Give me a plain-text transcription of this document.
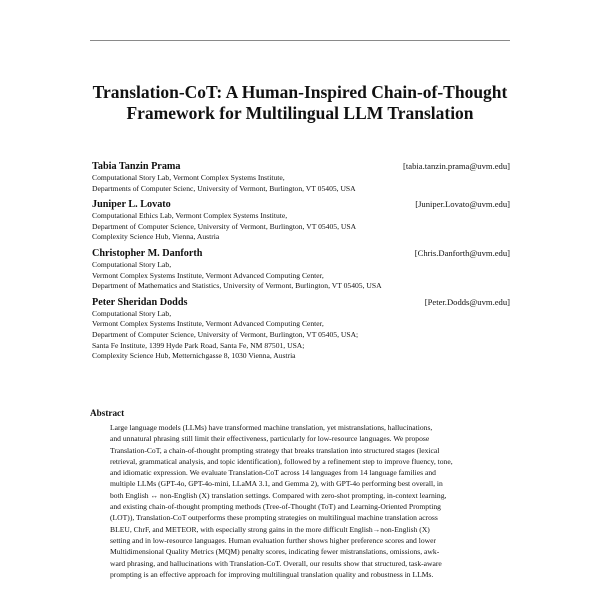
Translation-CoT: A Human-Inspired Chain-of-Thought
Framework for Multilingual LLM Translation
Tabia Tanzin Prama	[tabia.tanzin.prama@uvm.edu]
Computational Story Lab, Vermont Complex Systems Institute,
Departments of Computer Scienc, University of Vermont, Burlington, VT 05405, USA
Juniper L. Lovato	[Juniper.Lovato@uvm.edu]
Computational Ethics Lab, Vermont Complex Systems Institute,
Department of Computer Science, University of Vermont, Burlington, VT 05405, USA
Complexity Science Hub, Vienna, Austria
Christopher M. Danforth	[Chris.Danforth@uvm.edu]
Computational Story Lab,
Vermont Complex Systems Institute, Vermont Advanced Computing Center,
Department of Mathematics and Statistics, University of Vermont, Burlington, VT 05405, USA
Peter Sheridan Dodds	[Peter.Dodds@uvm.edu]
Computational Story Lab,
Vermont Complex Systems Institute, Vermont Advanced Computing Center,
Department of Computer Science, University of Vermont, Burlington, VT 05405, USA;
Santa Fe Institute, 1399 Hyde Park Road, Santa Fe, NM 87501, USA;
Complexity Science Hub, Metternichgasse 8, 1030 Vienna, Austria
Abstract
Large language models (LLMs) have transformed machine translation, yet mistranslations, hallucinations,
and unnatural phrasing still limit their effectiveness, particularly for low-resource languages. We propose
Translation-CoT, a chain-of-thought prompting strategy that breaks translation into structured stages (lexical
retrieval, grammatical analysis, and topic identification), followed by a refinement step to improve fluency, tone,
and idiomatic expression. We evaluate Translation-CoT across 14 languages from 14 language families and
multiple LLMs (GPT-4o, GPT-4o-mini, LLaMA 3.1, and Gemma 2), with GPT-4o performing best overall, in
both English ↔ non-English (X) translation settings. Compared with zero-shot prompting, in-context learning,
and existing chain-of-thought prompting methods (Tree-of-Thought (ToT) and Learning-Oriented Prompting
(LOT)), Translation-CoT outperforms these prompting strategies on multilingual machine translation across
BLEU, ChrF, and METEOR, with especially strong gains in the more difficult English→non-English (X)
setting and in low-resource languages. Human evaluation further shows higher preference scores and lower
Multidimensional Quality Metrics (MQM) penalty scores, indicating fewer mistranslations, omissions, awk-
ward phrasing, and hallucinations with Translation-CoT. Overall, our results show that structured, task-aware
prompting is an effective approach for improving multilingual translation quality and robustness in LLMs.
